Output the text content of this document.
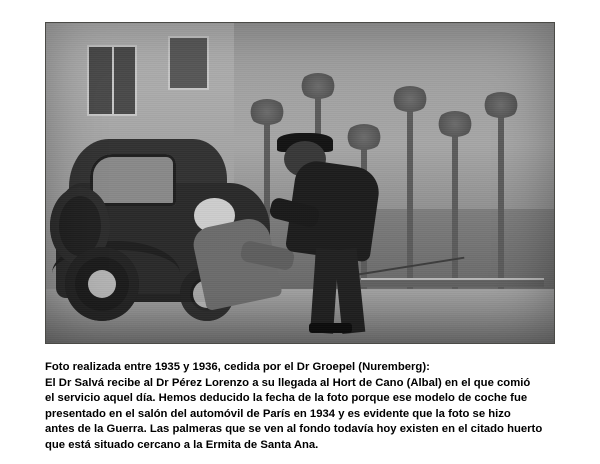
Foto realizada entre 1935 y 1936, cedida por el Dr Groepel (Nuremberg):

El Dr Salvá recibe al Dr Pérez Lorenzo a su llegada al Hort de Cano (Albal) en el que comió

el servicio aquel día. Hemos deducido la fecha de la foto porque ese modelo de coche fue

presentado en el salón del automóvil de París en 1934 y es evidente que la foto se hizo

antes de la Guerra. Las palmeras que se ven al fondo todavía hoy existen en el citado huerto

que está situado cercano a la Ermita de Santa Ana.
